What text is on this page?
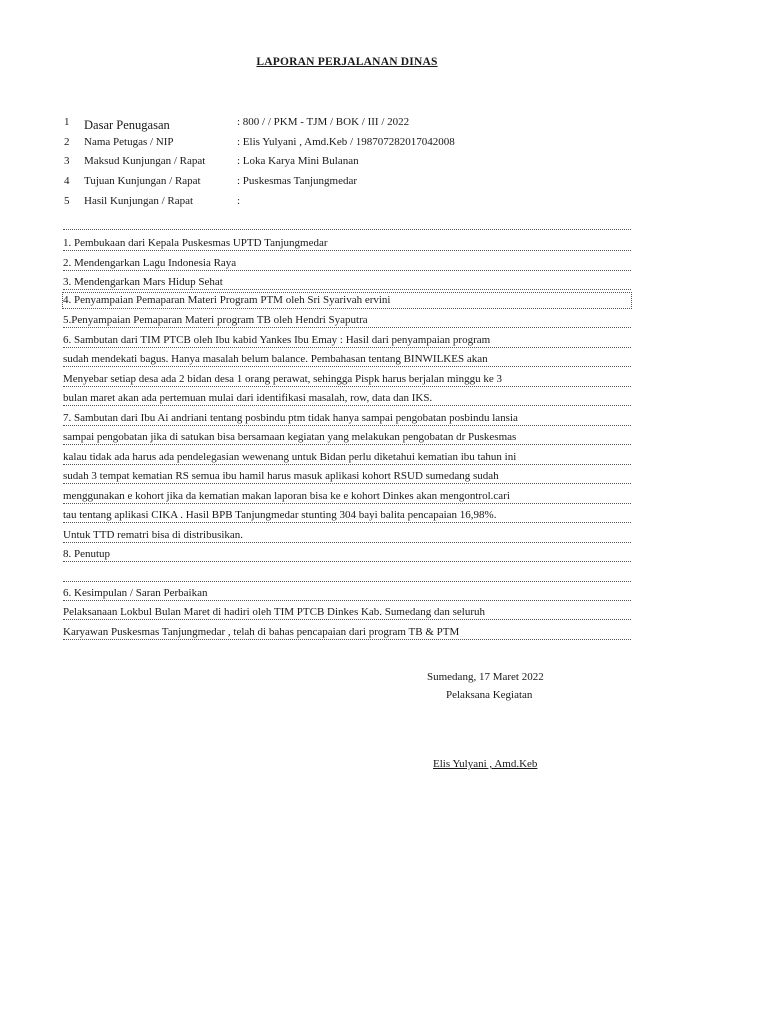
LAPORAN PERJALANAN DINAS
1	Dasar Penugasan	: 800 / / PKM - TJM / BOK / III / 2022
2	Nama Petugas / NIP	: Elis Yulyani , Amd.Keb / 198707282017042008
3	Maksud Kunjungan / Rapat	: Loka Karya Mini Bulanan
4	Tujuan Kunjungan / Rapat	: Puskesmas Tanjungmedar
5	Hasil Kunjungan / Rapat	:
1. Pembukaan dari Kepala Puskesmas UPTD Tanjungmedar
2. Mendengarkan Lagu Indonesia Raya
3. Mendengarkan Mars Hidup Sehat
4. Penyampaian Pemaparan Materi Program PTM oleh Sri Syarivah ervini
5.Penyampaian Pemaparan Materi program TB oleh Hendri Syaputra
6. Sambutan dari TIM PTCB oleh Ibu kabid Yankes Ibu Emay : Hasil dari penyampaian program
sudah mendekati bagus. Hanya masalah belum balance. Pembahasan tentang BINWILKES akan
Menyebar setiap desa ada 2 bidan desa 1 orang perawat, sehingga Pispk harus berjalan minggu ke 3
bulan maret akan ada pertemuan mulai dari identifikasi masalah, row, data dan IKS.
7. Sambutan dari Ibu Ai andriani tentang posbindu ptm tidak hanya sampai pengobatan posbindu lansia
sampai pengobatan jika di satukan bisa bersamaan kegiatan yang melakukan pengobatan dr Puskesmas
kalau tidak ada harus ada pendelegasian wewenang untuk Bidan perlu diketahui kematian ibu tahun ini
sudah 3 tempat kematian RS semua ibu hamil harus masuk aplikasi kohort RSUD sumedang sudah
menggunakan e kohort jika da kematian makan laporan bisa ke e kohort Dinkes akan mengontrol.cari
tau tentang aplikasi CIKA . Hasil BPB Tanjungmedar stunting 304 bayi balita pencapaian 16,98%.
Untuk TTD rematri bisa di distribusikan.
8. Penutup
6. Kesimpulan / Saran Perbaikan
Pelaksanaan Lokbul Bulan Maret di hadiri oleh TIM PTCB Dinkes Kab. Sumedang dan seluruh
Karyawan Puskesmas Tanjungmedar , telah di bahas pencapaian dari program TB & PTM
Sumedang, 17 Maret 2022
Pelaksana Kegiatan
Elis Yulyani , Amd.Keb
